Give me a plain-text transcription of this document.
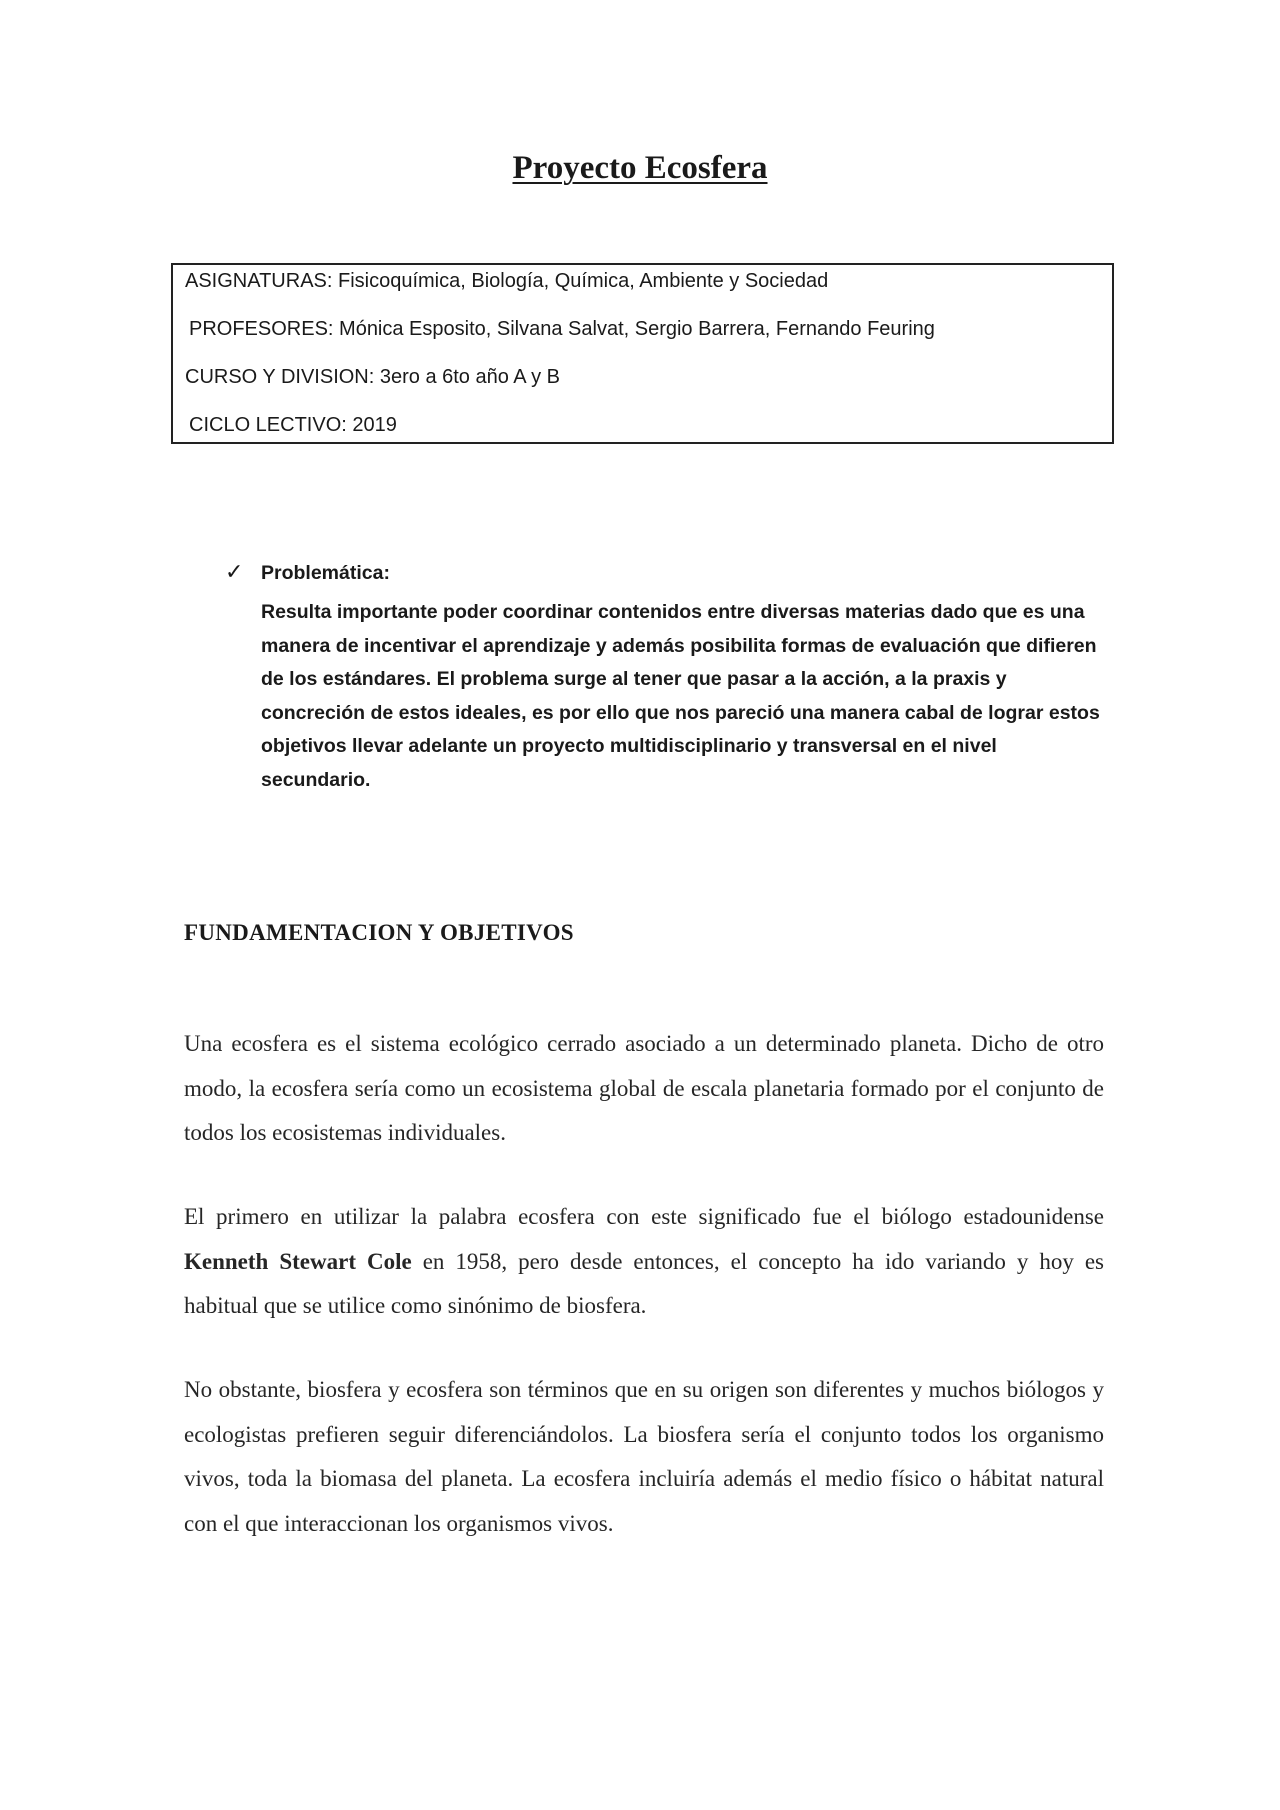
Proyecto Ecosfera
ASIGNATURAS: Fisicoquímica, Biología, Química, Ambiente y Sociedad
PROFESORES: Mónica Esposito, Silvana Salvat, Sergio Barrera, Fernando Feuring
CURSO Y DIVISION: 3ero a 6to año A y B
CICLO LECTIVO: 2019
✓ Problemática:

Resulta importante poder coordinar contenidos entre diversas materias dado que es una manera de incentivar el aprendizaje y además posibilita formas de evaluación que difieren de los estándares. El problema surge al tener que pasar a la acción, a la praxis y concreción de estos ideales, es por ello que nos pareció una manera cabal de lograr estos objetivos llevar adelante un proyecto multidisciplinario y transversal en el nivel secundario.

FUNDAMENTACION Y OBJETIVOS

Una ecosfera es el sistema ecológico cerrado asociado a un determinado planeta. Dicho de otro modo, la ecosfera sería como un ecosistema global de escala planetaria formado por el conjunto de todos los ecosistemas individuales.

El primero en utilizar la palabra ecosfera con este significado fue el biólogo estadounidense Kenneth Stewart Cole en 1958, pero desde entonces, el concepto ha ido variando y hoy es habitual que se utilice como sinónimo de biosfera.

No obstante, biosfera y ecosfera son términos que en su origen son diferentes y muchos biólogos y ecologistas prefieren seguir diferenciándolos. La biosfera sería el conjunto todos los organismo vivos, toda la biomasa del planeta. La ecosfera incluiría además el medio físico o hábitat natural con el que interaccionan los organismos vivos.
